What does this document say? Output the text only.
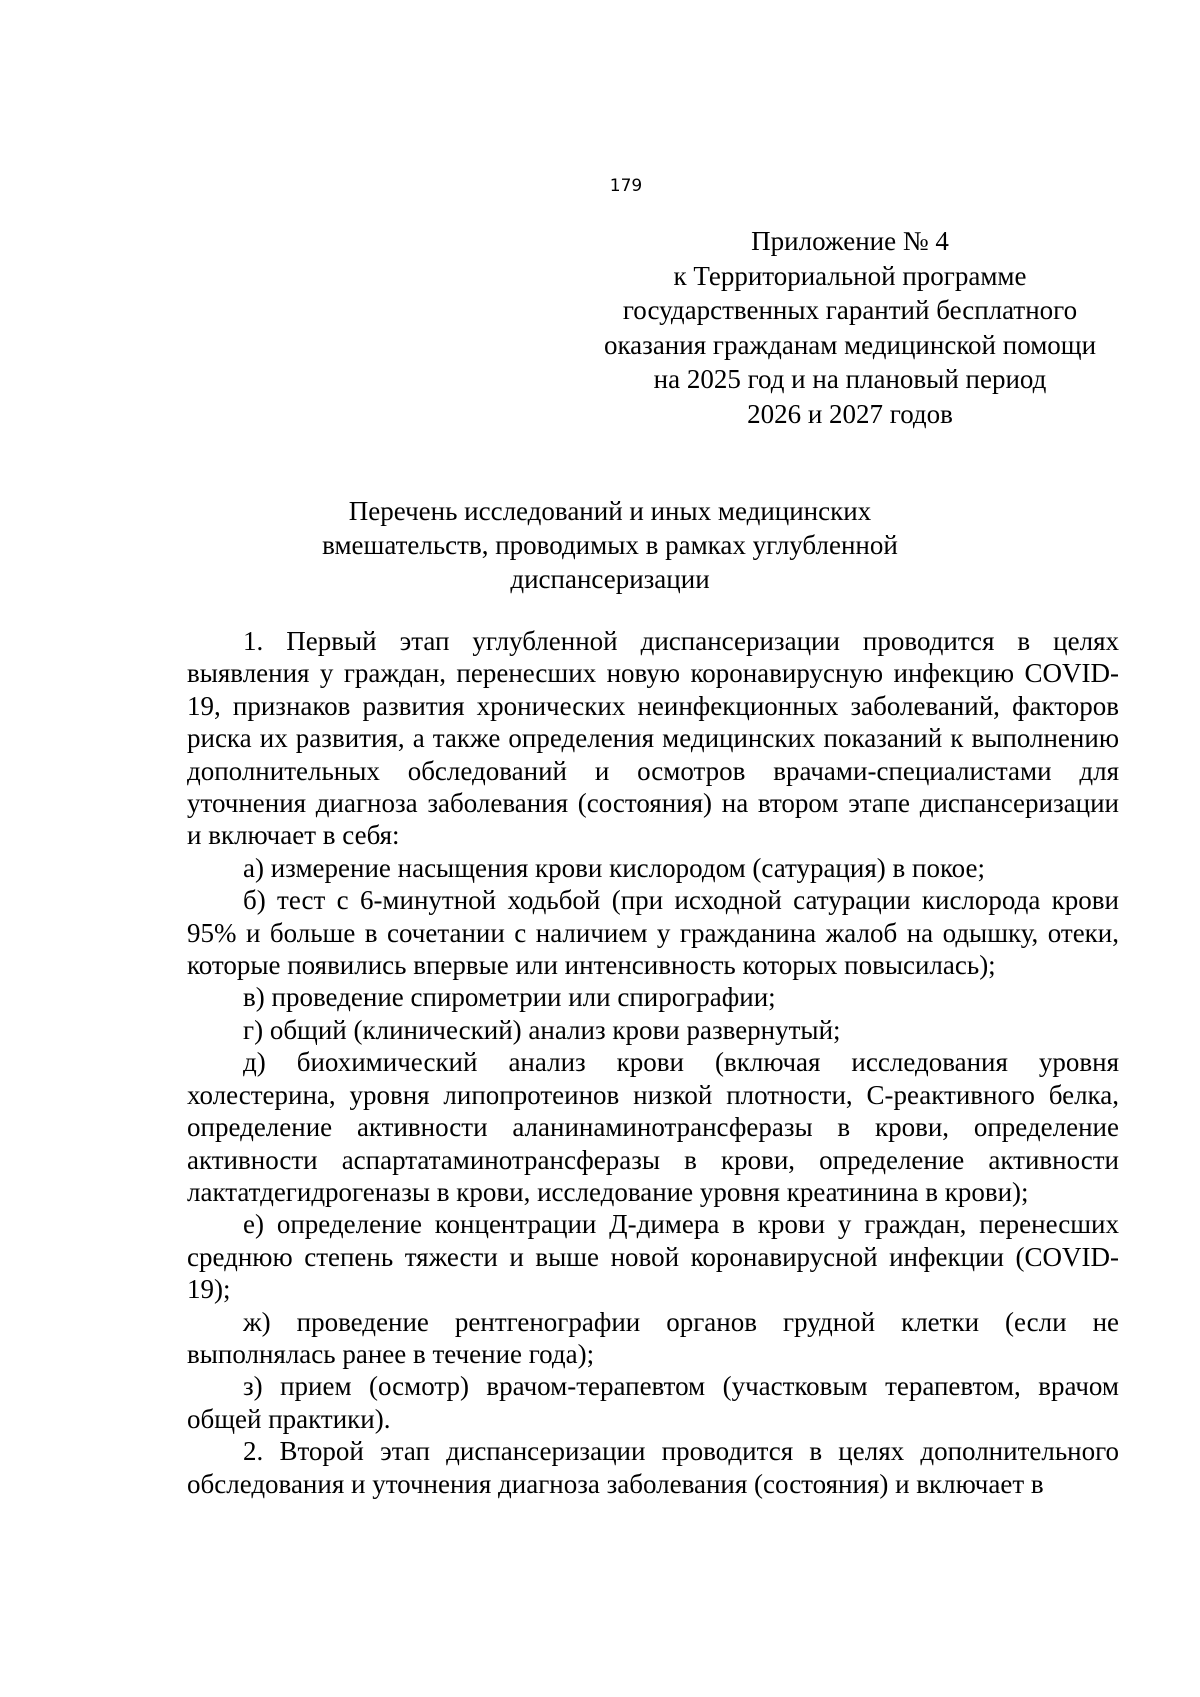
179
Приложение № 4
к Территориальной программе
государственных гарантий бесплатного
оказания гражданам медицинской помощи
на 2025 год и на плановый период
2026 и 2027 годов
Перечень исследований и иных медицинских
вмешательств, проводимых в рамках углубленной
диспансеризации

1. Первый этап углубленной диспансеризации проводится в целях выявления у граждан, перенесших новую коронавирусную инфекцию COVID-19, признаков развития хронических неинфекционных заболеваний, факторов риска их развития, а также определения медицинских показаний к выполнению дополнительных обследований и осмотров врачами-специалистами для уточнения диагноза заболевания (состояния) на втором этапе диспансеризации и включает в себя:

а) измерение насыщения крови кислородом (сатурация) в покое;

б) тест с 6-минутной ходьбой (при исходной сатурации кислорода крови 95% и больше в сочетании с наличием у гражданина жалоб на одышку, отеки, которые появились впервые или интенсивность которых повысилась);

в) проведение спирометрии или спирографии;

г) общий (клинический) анализ крови развернутый;

д) биохимический анализ крови (включая исследования уровня холестерина, уровня липопротеинов низкой плотности, С-реактивного белка, определение активности аланинаминотрансферазы в крови, определение активности аспартатаминотрансферазы в крови, определение активности лактатдегидрогеназы в крови, исследование уровня креатинина в крови);

е) определение концентрации Д-димера в крови у граждан, перенесших среднюю степень тяжести и выше новой коронавирусной инфекции (COVID-19);

ж) проведение рентгенографии органов грудной клетки (если не выполнялась ранее в течение года);

з) прием (осмотр) врачом-терапевтом (участковым терапевтом, врачом общей практики).

2. Второй этап диспансеризации проводится в целях дополнительного обследования и уточнения диагноза заболевания (состояния) и включает в
